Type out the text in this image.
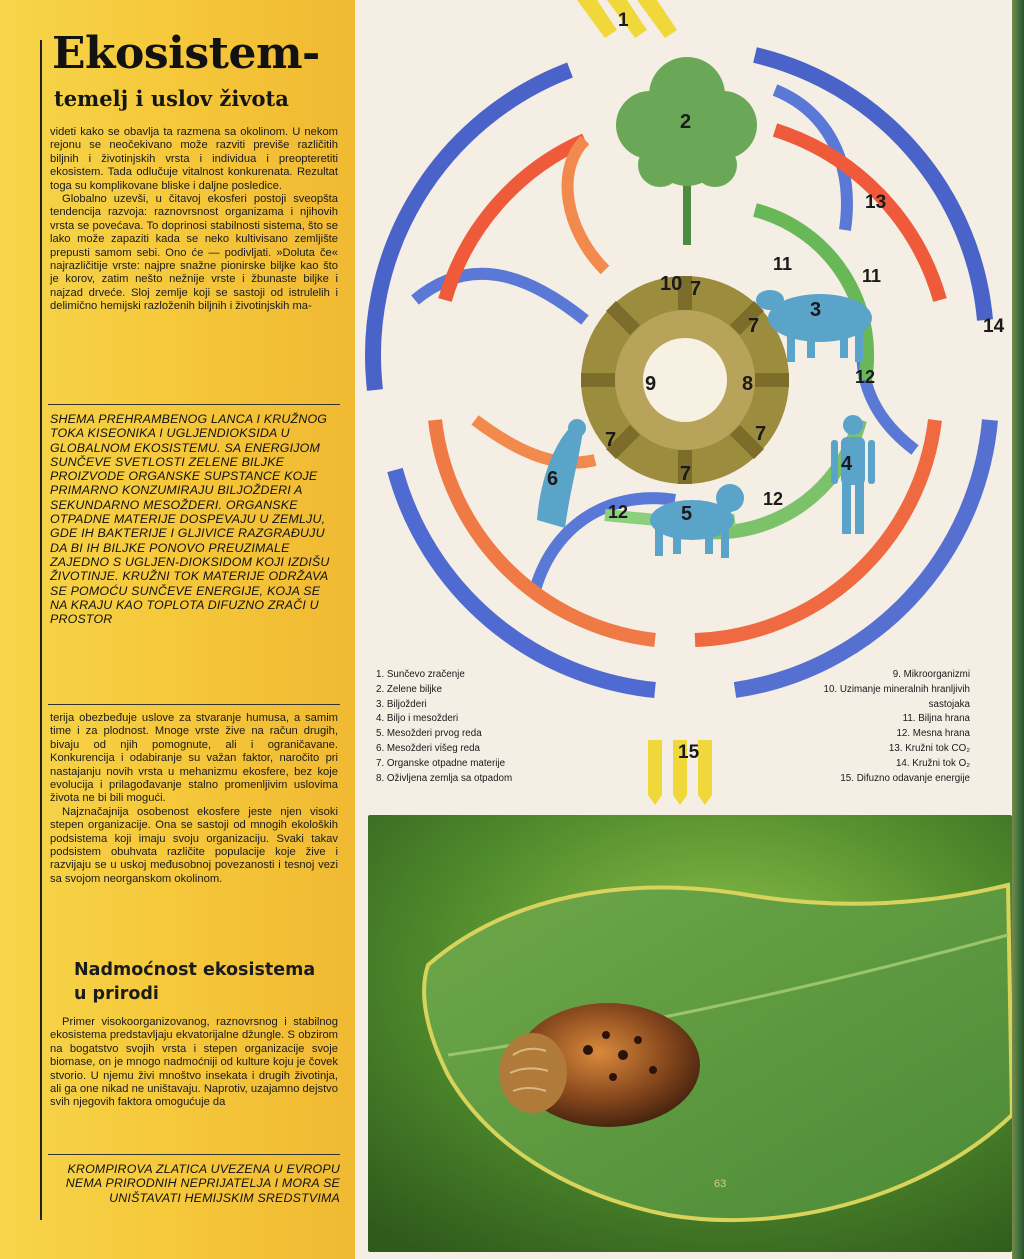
Ekosistem-
temelj i uslov života

videti kako se obavlja ta razmena sa okolinom. U nekom rejonu se neočekivano može razviti previše različitih biljnih i životinjskih vrsta i individua i preopteretiti ekosistem. Tada odlučuje vitalnost konkurenata. Rezultat toga su komplikovane bliske i daljne posledice.

Globalno uzevši, u čitavoj ekosferi postoji sveopšta tendencija razvoja: raznovrsnost organizama i njihovih vrsta se povećava. To doprinosi stabilnosti sistema, što se lako može zapaziti kada se neko kultivisano zemljište prepusti samom sebi. Ono će — podivljati. »Doluta če« najrazličitije vrste: najpre snažne pionirske biljke kao što je korov, zatim nešto nežnije vrste i žbunaste biljke i najzad drveće. Sloj zemlje koji se sastoji od istrulelih i delimično hemijski razloženih biljnih i životinjskih ma-

SHEMA PREHRAMBENOG LANCA I KRUŽNOG TOKA KISEONIKA I UGLJENDIOKSIDA U GLOBALNOM EKOSISTEMU. SA ENERGIJOM SUNČEVE SVETLOSTI ZELENE BILJKE PROIZVODE ORGANSKE SUPSTANCE KOJE PRIMARNO KONZUMIRAJU BILJOŽDERI A SEKUNDARNO MESOŽDERI. ORGANSKE OTPADNE MATERIJE DOSPEVAJU U ZEMLJU, GDE IH BAKTERIJE I GLJIVICE RAZGRAĐUJU DA BI IH BILJKE PONOVO PREUZIMALE ZAJEDNO S UGLJEN-DIOKSIDOM KOJI IZDIŠU ŽIVOTINJE. KRUŽNI TOK MATERIJE ODRŽAVA SE POMOĆU SUNČEVE ENERGIJE, KOJA SE NA KRAJU KAO TOPLOTA DIFUZNO ZRAČI U PROSTOR

terija obezbeđuje uslove za stvaranje humusa, a samim time i za plodnost. Mnoge vrste žive na račun drugih, bivaju od njih pomognute, ali i ograničavane. Konkurencija i odabiranje su važan faktor, naročito pri nastajanju novih vrsta u mehanizmu ekosfere, bez koje evolucija i prilagođavanje stalno promenljivim uslovima života ne bi bili mogući.

Najznačajnija osobenost ekosfere jeste njen visoki stepen organizacije. Ona se sastoji od mnogih ekoloških podsistema koji imaju svoju organizaciju. Svaki takav podsistem obuhvata različite populacije koje žive i razvijaju se u uskoj međusobnoj povezanosti i tesnoj vezi sa svojom neorganskom okolinom.

Nadmoćnost ekosistema
u prirodi

Primer visokoorganizovanog, raznovrsnog i stabilnog ekosistema predstavljaju ekvatorijalne džungle. S obzirom na bogatstvo svojih vrsta i stepen organizacije svoje biomase, on je mnogo nadmoćniji od kulture koju je čovek stvorio. U njemu živi mnoštvo insekata i drugih životinja, ali ga one nikad ne uništavaju. Naprotiv, uzajamno dejstvo svih njegovih faktora omogućuje da

KROMPIROVA ZLATICA UVEZENA U EVROPU NEMA PRIRODNIH NEPRIJATELJA I MORA SE UNIŠTAVATI HEMIJSKIM SREDSTVIMA

1
2
3
4
5
6
7
7
7
7
7
8
9
10
11
11
12
12
12
13
14
15
1. Sunčevo zračenje
2. Zelene biljke
3. Biljožderi
4. Biljo i mesožderi
5. Mesožderi prvog reda
6. Mesožderi višeg reda
7. Organske otpadne materije
8. Oživljena zemlja sa otpadom
9. Mikroorganizmi
10. Uzimanje mineralnih hranljivih sastojaka
11. Biljna hrana
12. Mesna hrana
13. Kružni tok CO₂
14. Kružni tok O₂
15. Difuzno odavanje energije
63
